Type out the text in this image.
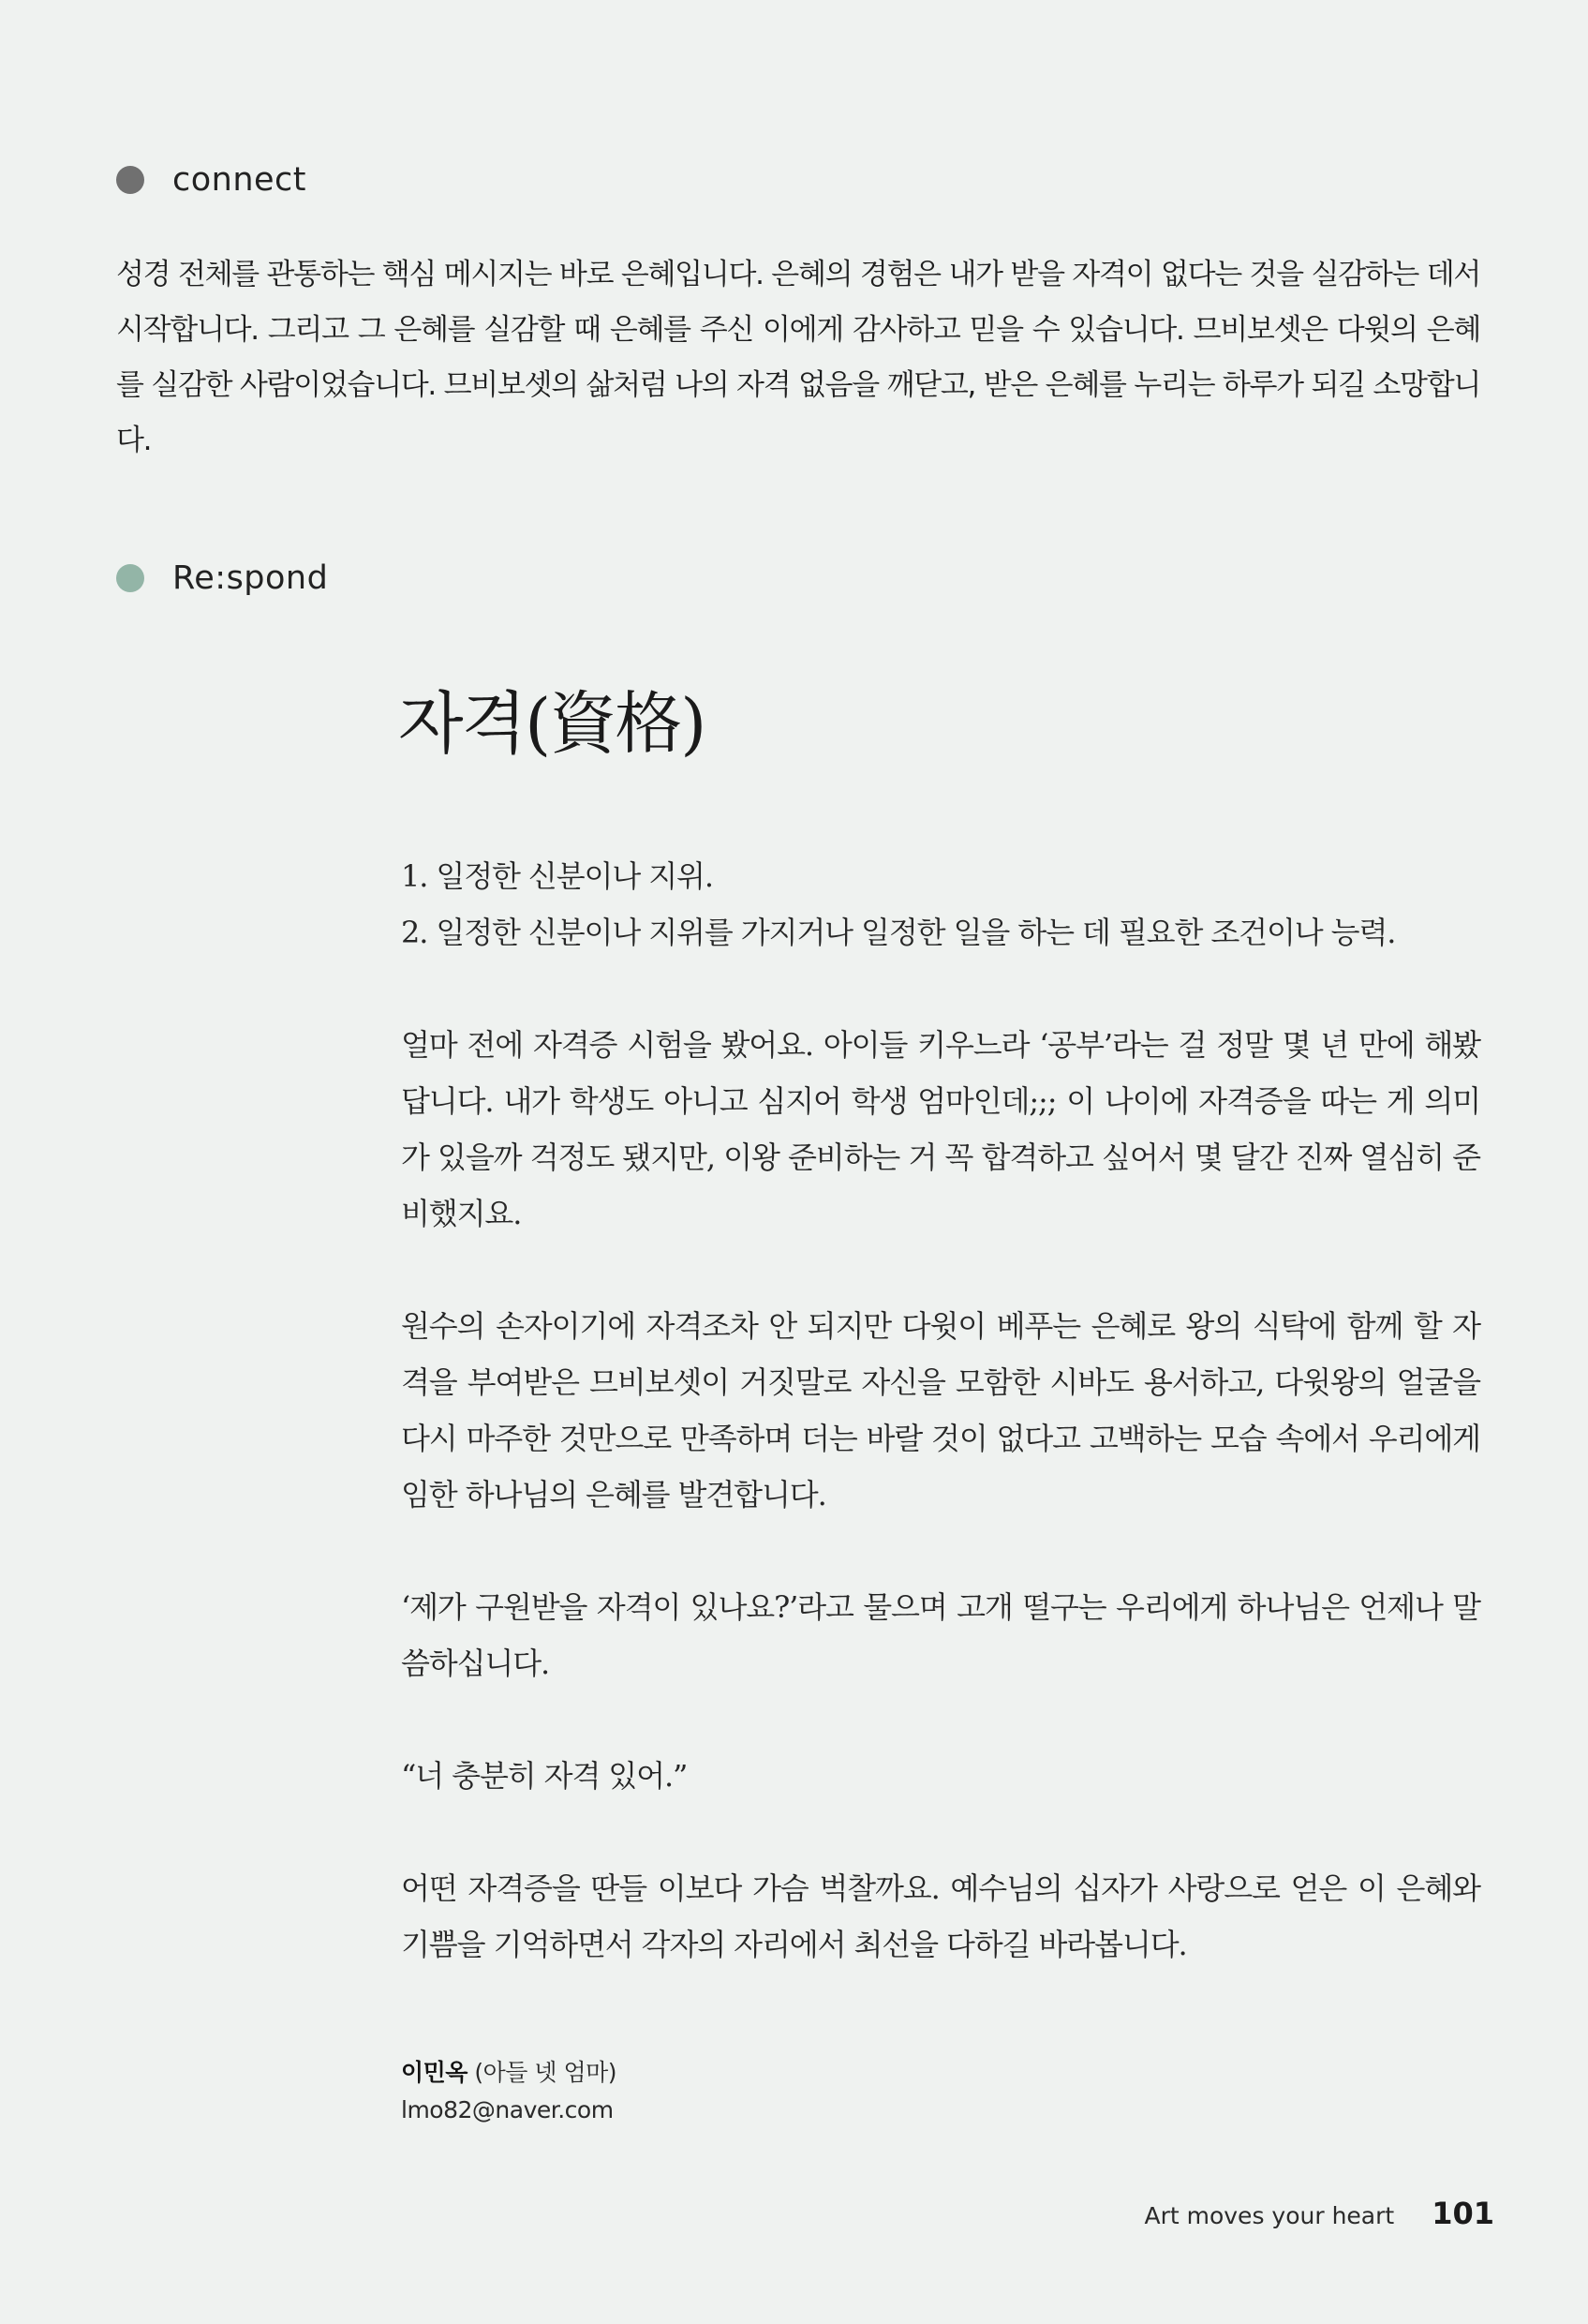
connect

성경 전체를 관통하는 핵심 메시지는 바로 은혜입니다. 은혜의 경험은 내가 받을 자격이 없다는 것을 실감하는 데서 시작합니다. 그리고 그 은혜를 실감할 때 은혜를 주신 이에게 감사하고 믿을 수 있습니다. 므비보셋은 다윗의 은혜를 실감한 사람이었습니다. 므비보셋의 삶처럼 나의 자격 없음을 깨닫고, 받은 은혜를 누리는 하루가 되길 소망합니다.

Re:spond
자격(資格)

1. 일정한 신분이나 지위.

2. 일정한 신분이나 지위를 가지거나 일정한 일을 하는 데 필요한 조건이나 능력.

얼마 전에 자격증 시험을 봤어요. 아이들 키우느라 ‘공부’라는 걸 정말 몇 년 만에 해봤답니다. 내가 학생도 아니고 심지어 학생 엄마인데;;; 이 나이에 자격증을 따는 게 의미가 있을까 걱정도 됐지만, 이왕 준비하는 거 꼭 합격하고 싶어서 몇 달간 진짜 열심히 준비했지요.

원수의 손자이기에 자격조차 안 되지만 다윗이 베푸는 은혜로 왕의 식탁에 함께 할 자격을 부여받은 므비보셋이 거짓말로 자신을 모함한 시바도 용서하고, 다윗왕의 얼굴을 다시 마주한 것만으로 만족하며 더는 바랄 것이 없다고 고백하는 모습 속에서 우리에게 임한 하나님의 은혜를 발견합니다.

‘제가 구원받을 자격이 있나요?’라고 물으며 고개 떨구는 우리에게 하나님은 언제나 말씀하십니다.

“너 충분히 자격 있어.”

어떤 자격증을 딴들 이보다 가슴 벅찰까요. 예수님의 십자가 사랑으로 얻은 이 은혜와 기쁨을 기억하면서 각자의 자리에서 최선을 다하길 바라봅니다.

이민옥 (아들 넷 엄마)
lmo82@naver.com
Art moves your heart 101
